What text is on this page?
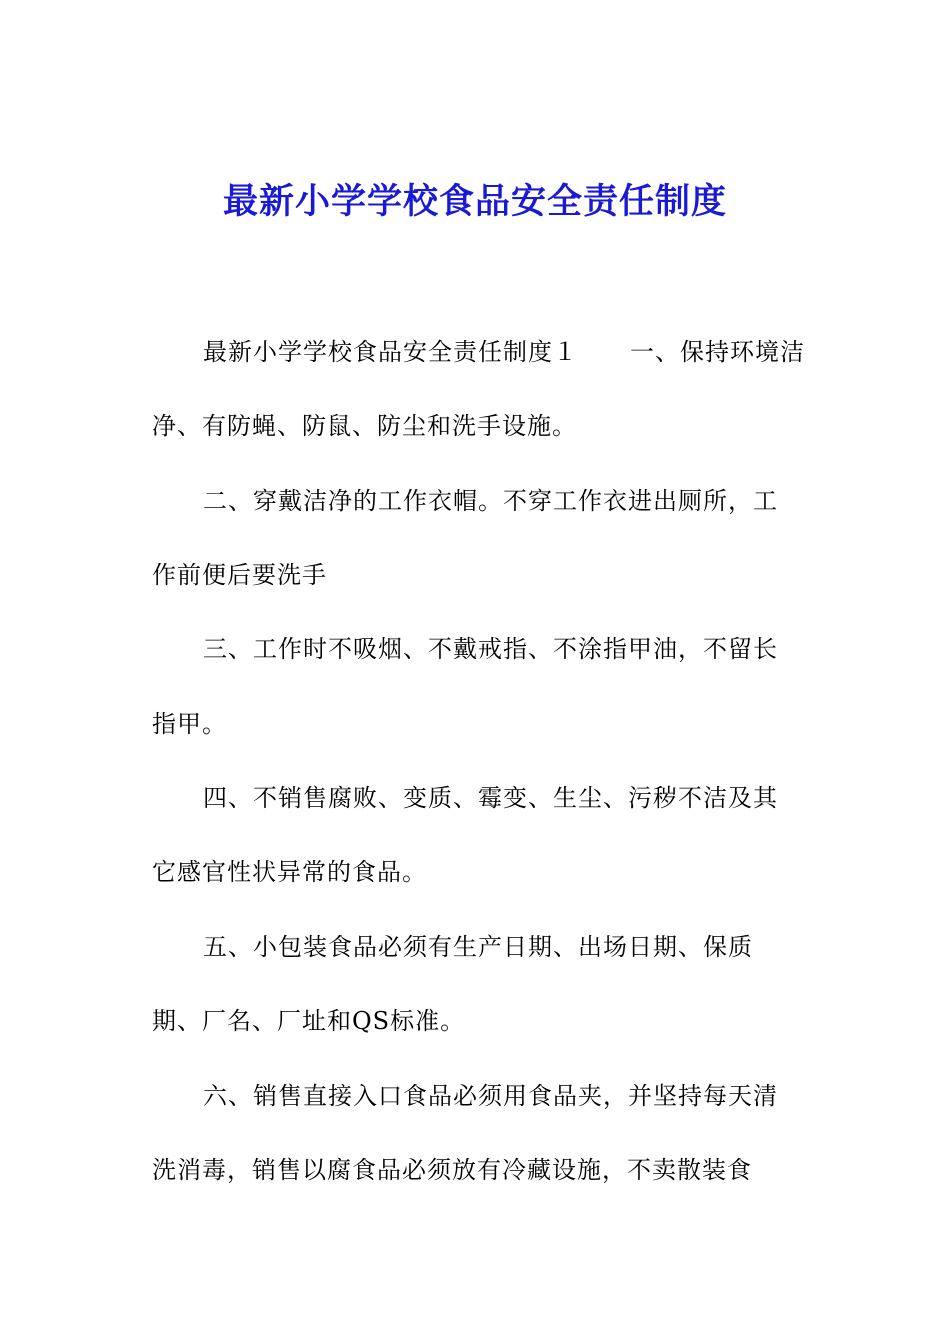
最新小学学校食品安全责任制度
最新小学学校食品安全责任制度１ 一、保持环境洁
净、有防蝇、防鼠、防尘和洗手设施。
二、穿戴洁净的工作衣帽。不穿工作衣进出厕所，工
作前便后要洗手
三、工作时不吸烟、不戴戒指、不涂指甲油，不留长
指甲。
四、不销售腐败、变质、霉变、生尘、污秽不洁及其
它感官性状异常的食品。
五、小包装食品必须有生产日期、出场日期、保质
期、厂名、厂址和QS标准。
六、销售直接入口食品必须用食品夹，并坚持每天清
洗消毒，销售以腐食品必须放有冷藏设施，不卖散装食
